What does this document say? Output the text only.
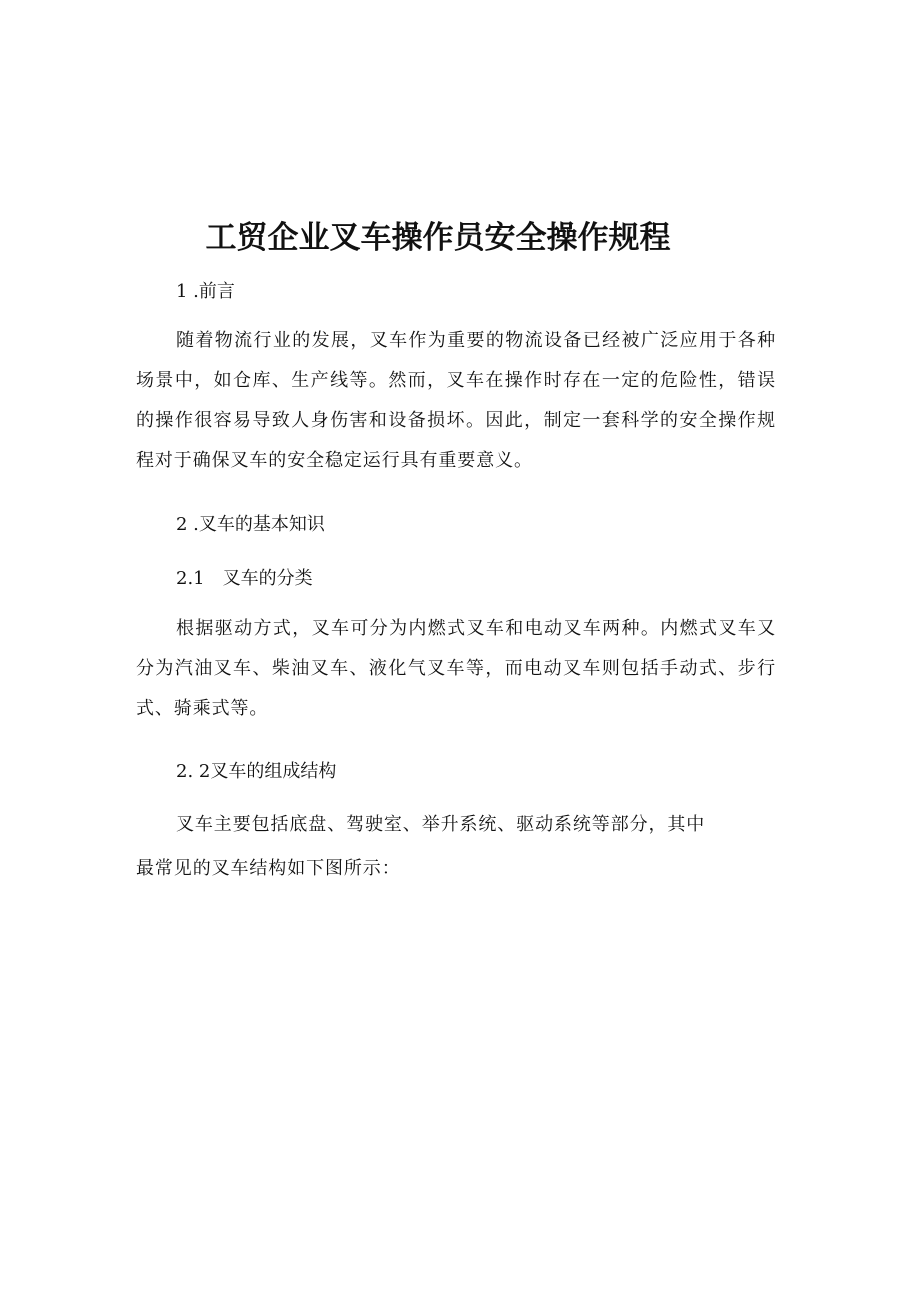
工贸企业叉车操作员安全操作规程
1 .前言
随着物流行业的发展，叉车作为重要的物流设备已经被广泛应用于各种场景中，如仓库、生产线等。然而，叉车在操作时存在一定的危险性，错误的操作很容易导致人身伤害和设备损坏。因此，制定一套科学的安全操作规程对于确保叉车的安全稳定运行具有重要意义。
2 .叉车的基本知识
2.1　叉车的分类
根据驱动方式，叉车可分为内燃式叉车和电动叉车两种。内燃式叉车又分为汽油叉车、柴油叉车、液化气叉车等，而电动叉车则包括手动式、步行式、骑乘式等。
2. 2叉车的组成结构
叉车主要包括底盘、驾驶室、举升系统、驱动系统等部分，其中
最常见的叉车结构如下图所示：
